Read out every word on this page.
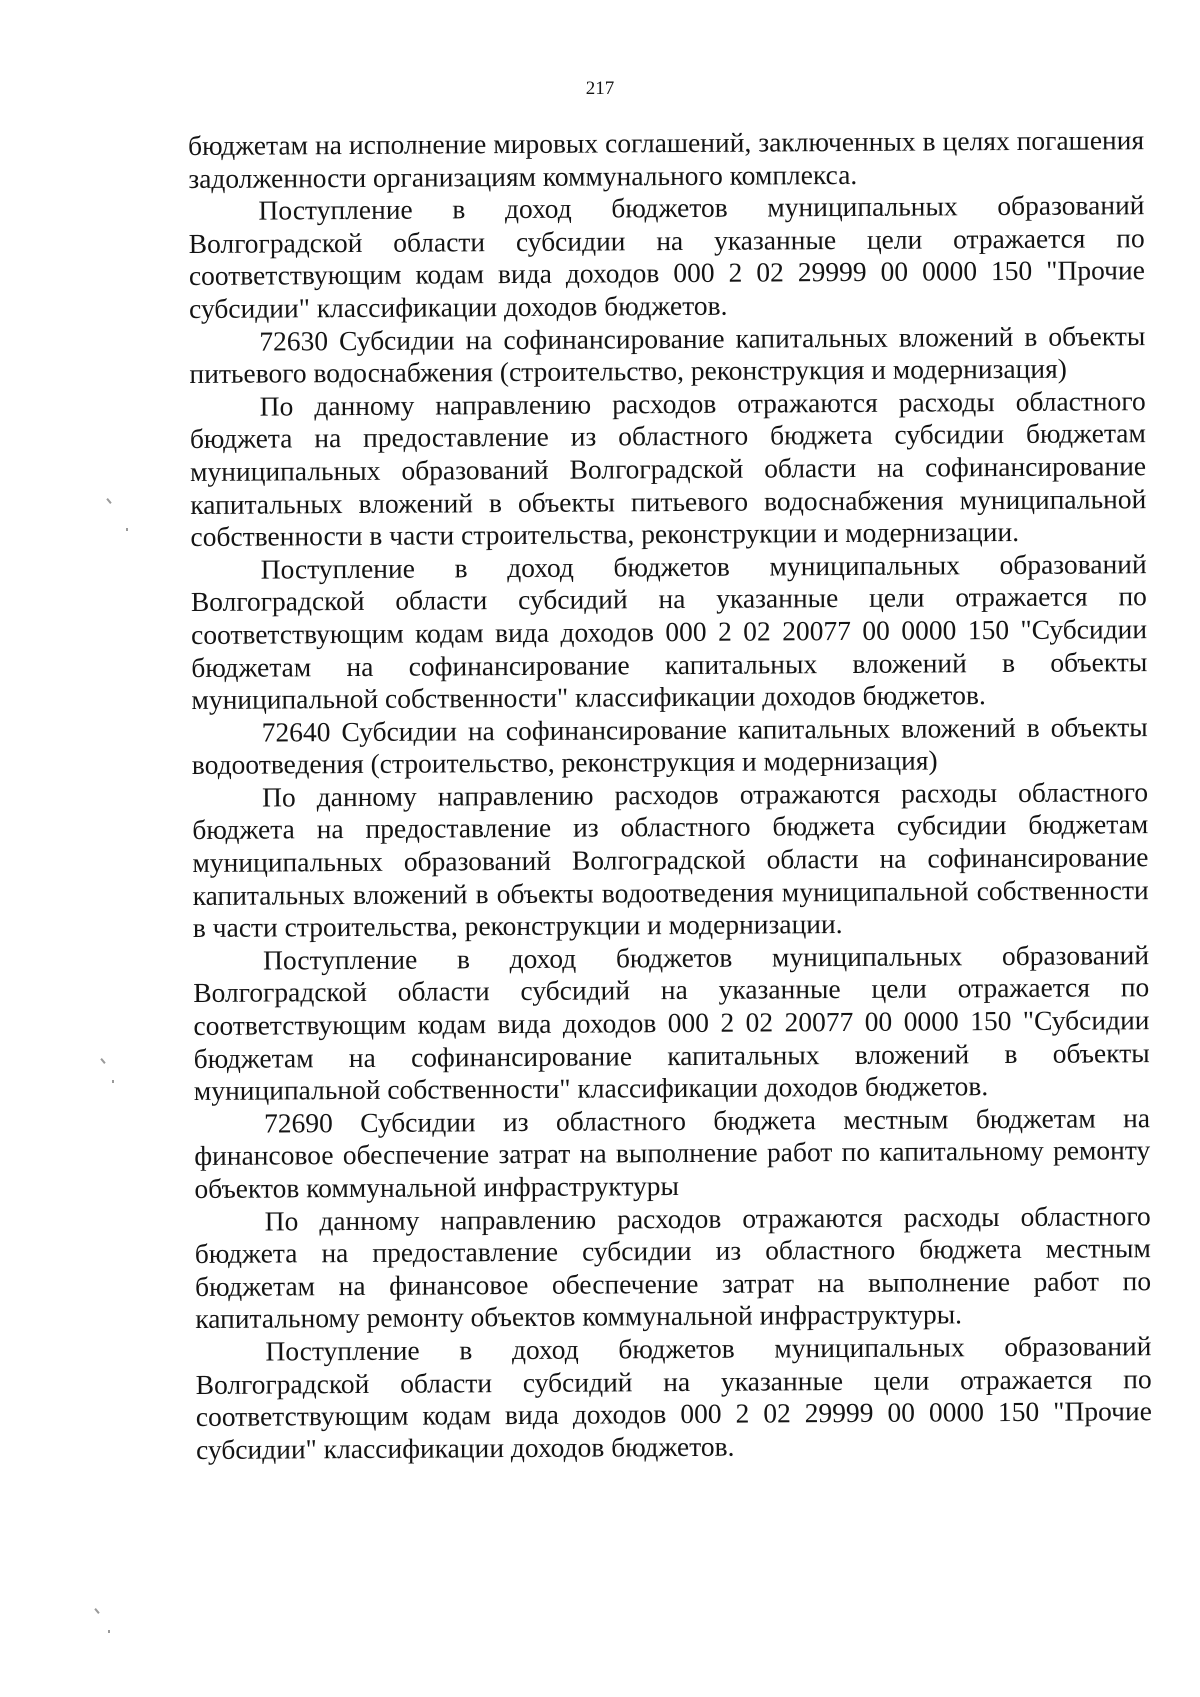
217

бюджетам на исполнение мировых соглашений, заключенных в целях погашения задолженности организациям коммунального комплекса.

Поступление в доход бюджетов муниципальных образований Волгоградской области субсидии на указанные цели отражается по соответствующим кодам вида доходов 000 2 02 29999 00 0000 150 "Прочие субсидии" классификации доходов бюджетов.

72630 Субсидии на софинансирование капитальных вложений в объекты питьевого водоснабжения (строительство, реконструкция и модернизация)

По данному направлению расходов отражаются расходы областного бюджета на предоставление из областного бюджета субсидии бюджетам муниципальных образований Волгоградской области на софинансирование капитальных вложений в объекты питьевого водоснабжения муниципальной собственности в части строительства, реконструкции и модернизации.

Поступление в доход бюджетов муниципальных образований Волгоградской области субсидий на указанные цели отражается по соответствующим кодам вида доходов 000 2 02 20077 00 0000 150 "Субсидии бюджетам на софинансирование капитальных вложений в объекты муниципальной собственности" классификации доходов бюджетов.

72640 Субсидии на софинансирование капитальных вложений в объекты водоотведения (строительство, реконструкция и модернизация)

По данному направлению расходов отражаются расходы областного бюджета на предоставление из областного бюджета субсидии бюджетам муниципальных образований Волгоградской области на софинансирование капитальных вложений в объекты водоотведения муниципальной собственности в части строительства, реконструкции и модернизации.

Поступление в доход бюджетов муниципальных образований Волгоградской области субсидий на указанные цели отражается по соответствующим кодам вида доходов 000 2 02 20077 00 0000 150 "Субсидии бюджетам на софинансирование капитальных вложений в объекты муниципальной собственности" классификации доходов бюджетов.

72690 Субсидии из областного бюджета местным бюджетам на финансовое обеспечение затрат на выполнение работ по капитальному ремонту объектов коммунальной инфраструктуры

По данному направлению расходов отражаются расходы областного бюджета на предоставление субсидии из областного бюджета местным бюджетам на финансовое обеспечение затрат на выполнение работ по капитальному ремонту объектов коммунальной инфраструктуры.

Поступление в доход бюджетов муниципальных образований Волгоградской области субсидий на указанные цели отражается по соответствующим кодам вида доходов 000 2 02 29999 00 0000 150 "Прочие субсидии" классификации доходов бюджетов.
